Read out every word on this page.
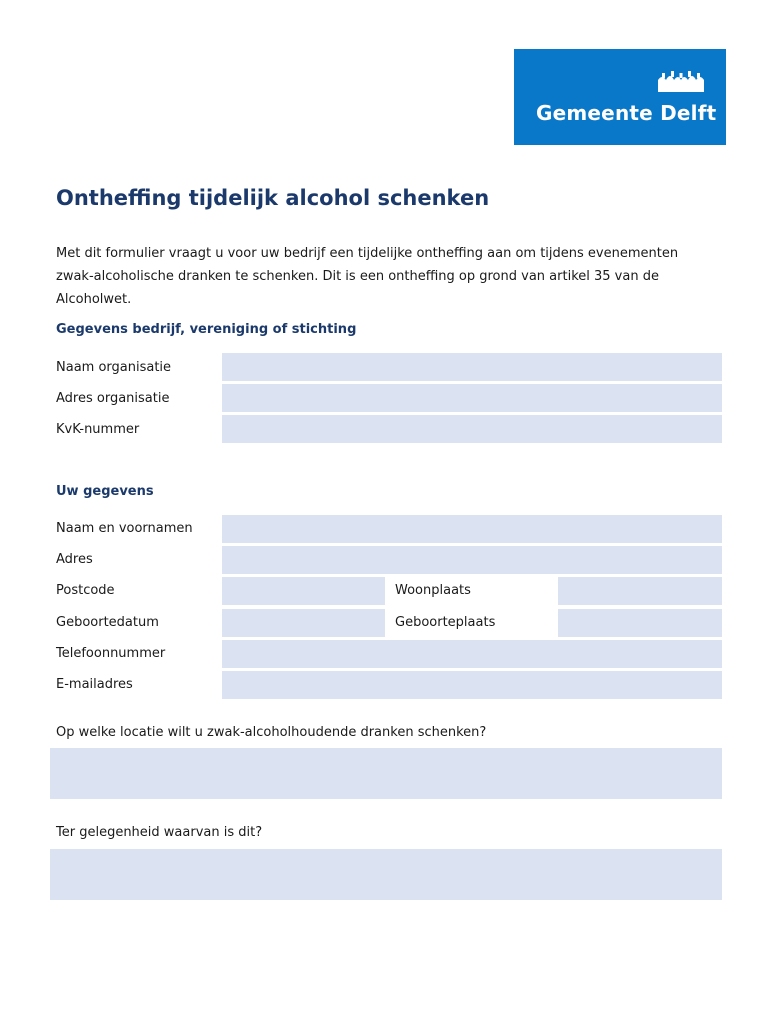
Gemeente Delft
Ontheffing tijdelijk alcohol schenken

Met dit formulier vraagt u voor uw bedrijf een tijdelijke ontheffing aan om tijdens evenementen zwak-alcoholische dranken te schenken. Dit is een ontheffing op grond van artikel 35 van de Alcoholwet.

Gegevens bedrijf, vereniging of stichting
Naam organisatie
Adres organisatie
KvK-nummer
Uw gegevens
Naam en voornamen
Adres
Postcode	Woonplaats
Geboortedatum	Geboorteplaats
Telefoonnummer
E-mailadres
Op welke locatie wilt u zwak-alcoholhoudende dranken schenken?
Ter gelegenheid waarvan is dit?
